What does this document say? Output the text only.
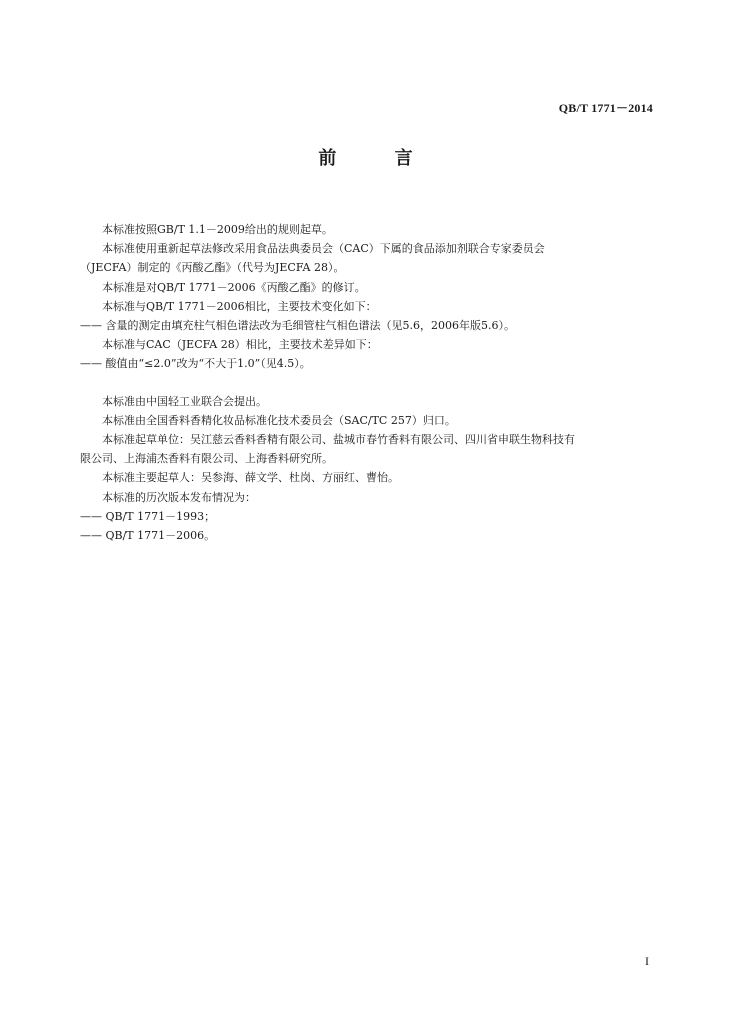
QB/T 1771－2014
前 言

本标准按照GB/T 1.1－2009给出的规则起草。

本标准使用重新起草法修改采用食品法典委员会（CAC）下属的食品添加剂联合专家委员会

（JECFA）制定的《丙酸乙酯》（代号为JECFA 28）。

本标准是对QB/T 1771－2006《丙酸乙酯》的修订。

本标准与QB/T 1771－2006相比，主要技术变化如下：

—— 含量的测定由填充柱气相色谱法改为毛细管柱气相色谱法（见5.6，2006年版5.6）。

本标准与CAC（JECFA 28）相比，主要技术差异如下：

—— 酸值由“≤2.0”改为“不大于1.0”（见4.5）。

本标准由中国轻工业联合会提出。

本标准由全国香料香精化妆品标准化技术委员会（SAC/TC 257）归口。

本标准起草单位：吴江慈云香料香精有限公司、盐城市春竹香料有限公司、四川省申联生物科技有

限公司、上海浦杰香料有限公司、上海香料研究所。

本标准主要起草人：吴参海、薛文学、杜岗、方丽红、曹怡。

本标准的历次版本发布情况为：

—— QB/T 1771－1993；

—— QB/T 1771－2006。

I
